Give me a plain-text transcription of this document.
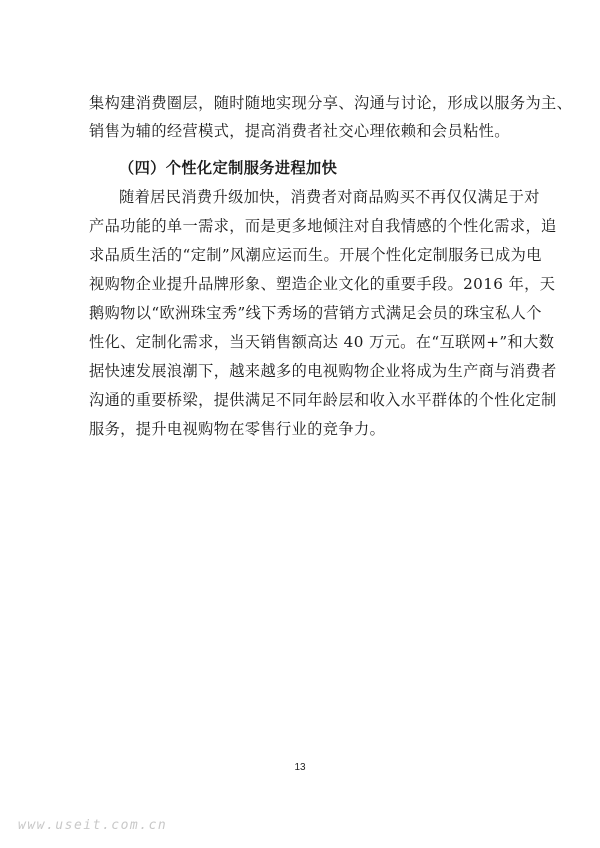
集构建消费圈层，随时随地实现分享、沟通与讨论，形成以服务为主、
销售为辅的经营模式，提高消费者社交心理依赖和会员粘性。
（四）个性化定制服务进程加快
随着居民消费升级加快，消费者对商品购买不再仅仅满足于对
产品功能的单一需求，而是更多地倾注对自我情感的个性化需求，追
求品质生活的“定制”风潮应运而生。开展个性化定制服务已成为电
视购物企业提升品牌形象、塑造企业文化的重要手段。2016 年，天
鹅购物以“欧洲珠宝秀”线下秀场的营销方式满足会员的珠宝私人个
性化、定制化需求，当天销售额高达 40 万元。在“互联网+”和大数
据快速发展浪潮下，越来越多的电视购物企业将成为生产商与消费者
沟通的重要桥梁，提供满足不同年龄层和收入水平群体的个性化定制
服务，提升电视购物在零售行业的竞争力。
13
www.useit.com.cn
